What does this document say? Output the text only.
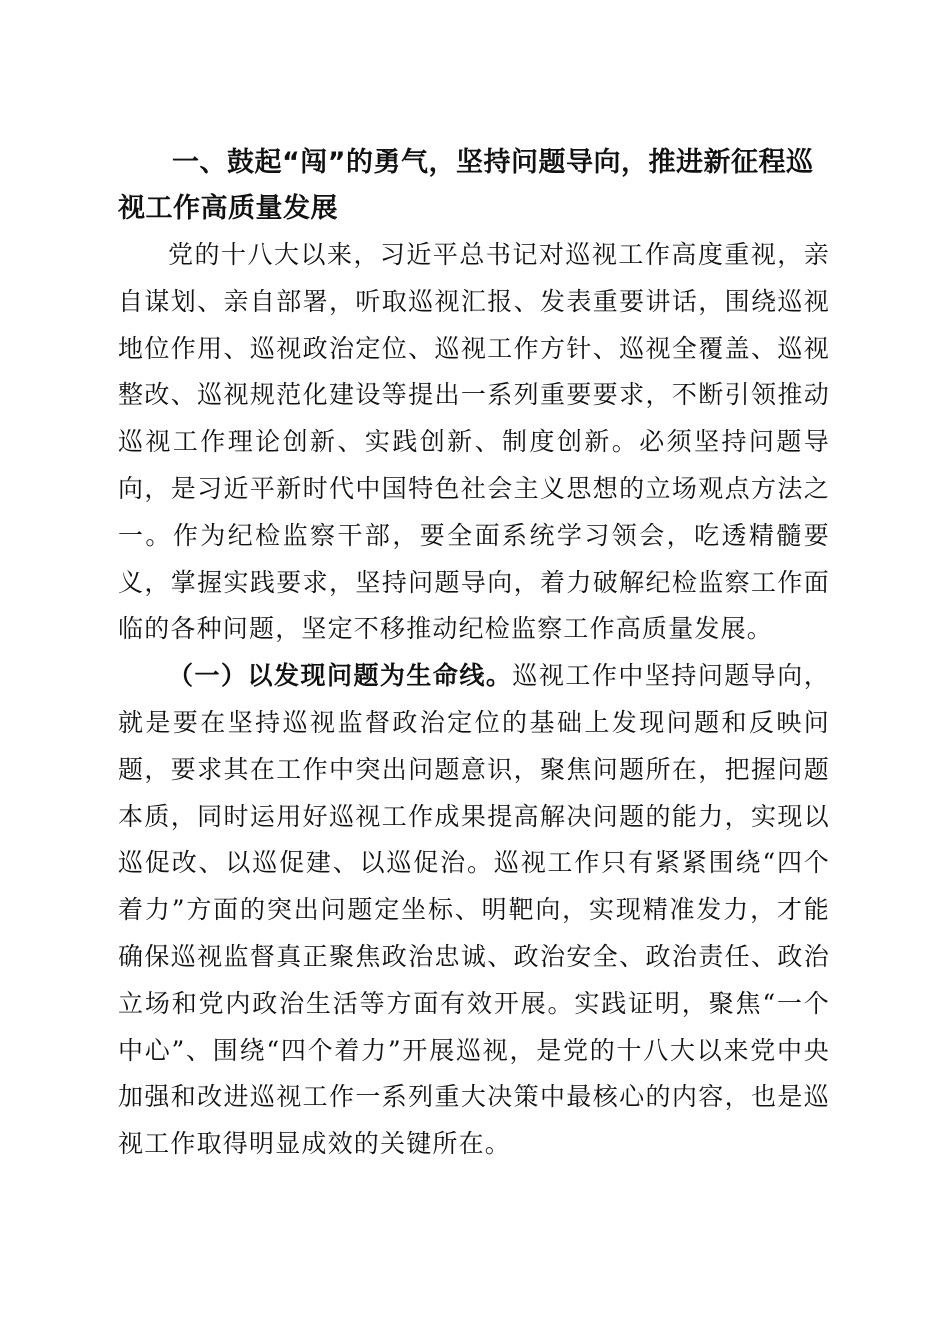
一、鼓起“闯”的勇气，坚持问题导向，推进新征程巡视工作高质量发展

党的十八大以来，习近平总书记对巡视工作高度重视，亲自谋划、亲自部署，听取巡视汇报、发表重要讲话，围绕巡视地位作用、巡视政治定位、巡视工作方针、巡视全覆盖、巡视整改、巡视规范化建设等提出一系列重要要求，不断引领推动巡视工作理论创新、实践创新、制度创新。必须坚持问题导向，是习近平新时代中国特色社会主义思想的立场观点方法之一。作为纪检监察干部，要全面系统学习领会，吃透精髓要义，掌握实践要求，坚持问题导向，着力破解纪检监察工作面临的各种问题，坚定不移推动纪检监察工作高质量发展。

（一）以发现问题为生命线。巡视工作中坚持问题导向，就是要在坚持巡视监督政治定位的基础上发现问题和反映问题，要求其在工作中突出问题意识，聚焦问题所在，把握问题本质，同时运用好巡视工作成果提高解决问题的能力，实现以巡促改、以巡促建、以巡促治。巡视工作只有紧紧围绕“四个着力”方面的突出问题定坐标、明靶向，实现精准发力，才能确保巡视监督真正聚焦政治忠诚、政治安全、政治责任、政治立场和党内政治生活等方面有效开展。实践证明，聚焦“一个中心”、围绕“四个着力”开展巡视，是党的十八大以来党中央加强和改进巡视工作一系列重大决策中最核心的内容，也是巡视工作取得明显成效的关键所在。
